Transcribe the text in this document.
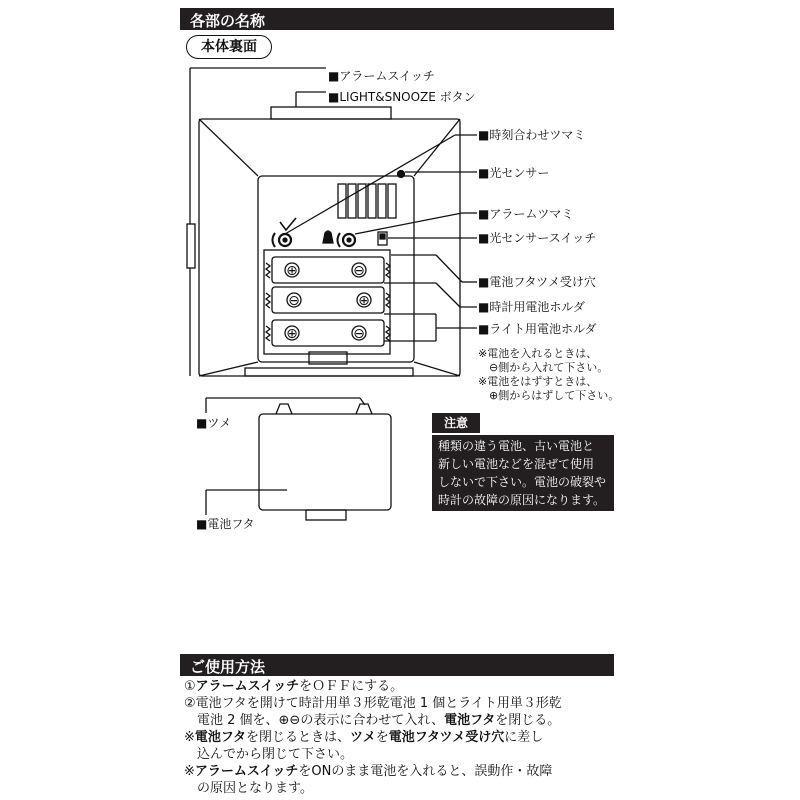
各部の名称
本体裏面
⊕	⊖
⊖	⊕
⊕	⊖
■アラームスイッチ
■LIGHT&SNOOZE ボタン
■時刻合わせツマミ
■光センサー
■アラームツマミ
■光センサースイッチ
■電池フタツメ受け穴
■時計用電池ホルダ
■ライト用電池ホルダ
■ツメ
■電池フタ
※電池を入れるときは、
　⊖側から入れて下さい。
※電池をはずすときは、
　⊕側からはずして下さい。
注意
種類の違う電池、古い電池と
新しい電池などを混ぜて使用
しないで下さい。電池の破裂や
時計の故障の原因になります。
ご使用方法
①アラームスイッチをＯＦＦにする。
②電池フタを開けて時計用単３形乾電池 1 個とライト用単３形乾
　電池 2 個を、⊕⊖の表示に合わせて入れ、電池フタを閉じる。
※電池フタを閉じるときは、ツメを電池フタツメ受け穴に差し
　込んでから閉じて下さい。
※アラームスイッチをONのまま電池を入れると、誤動作・故障
　の原因となります。
